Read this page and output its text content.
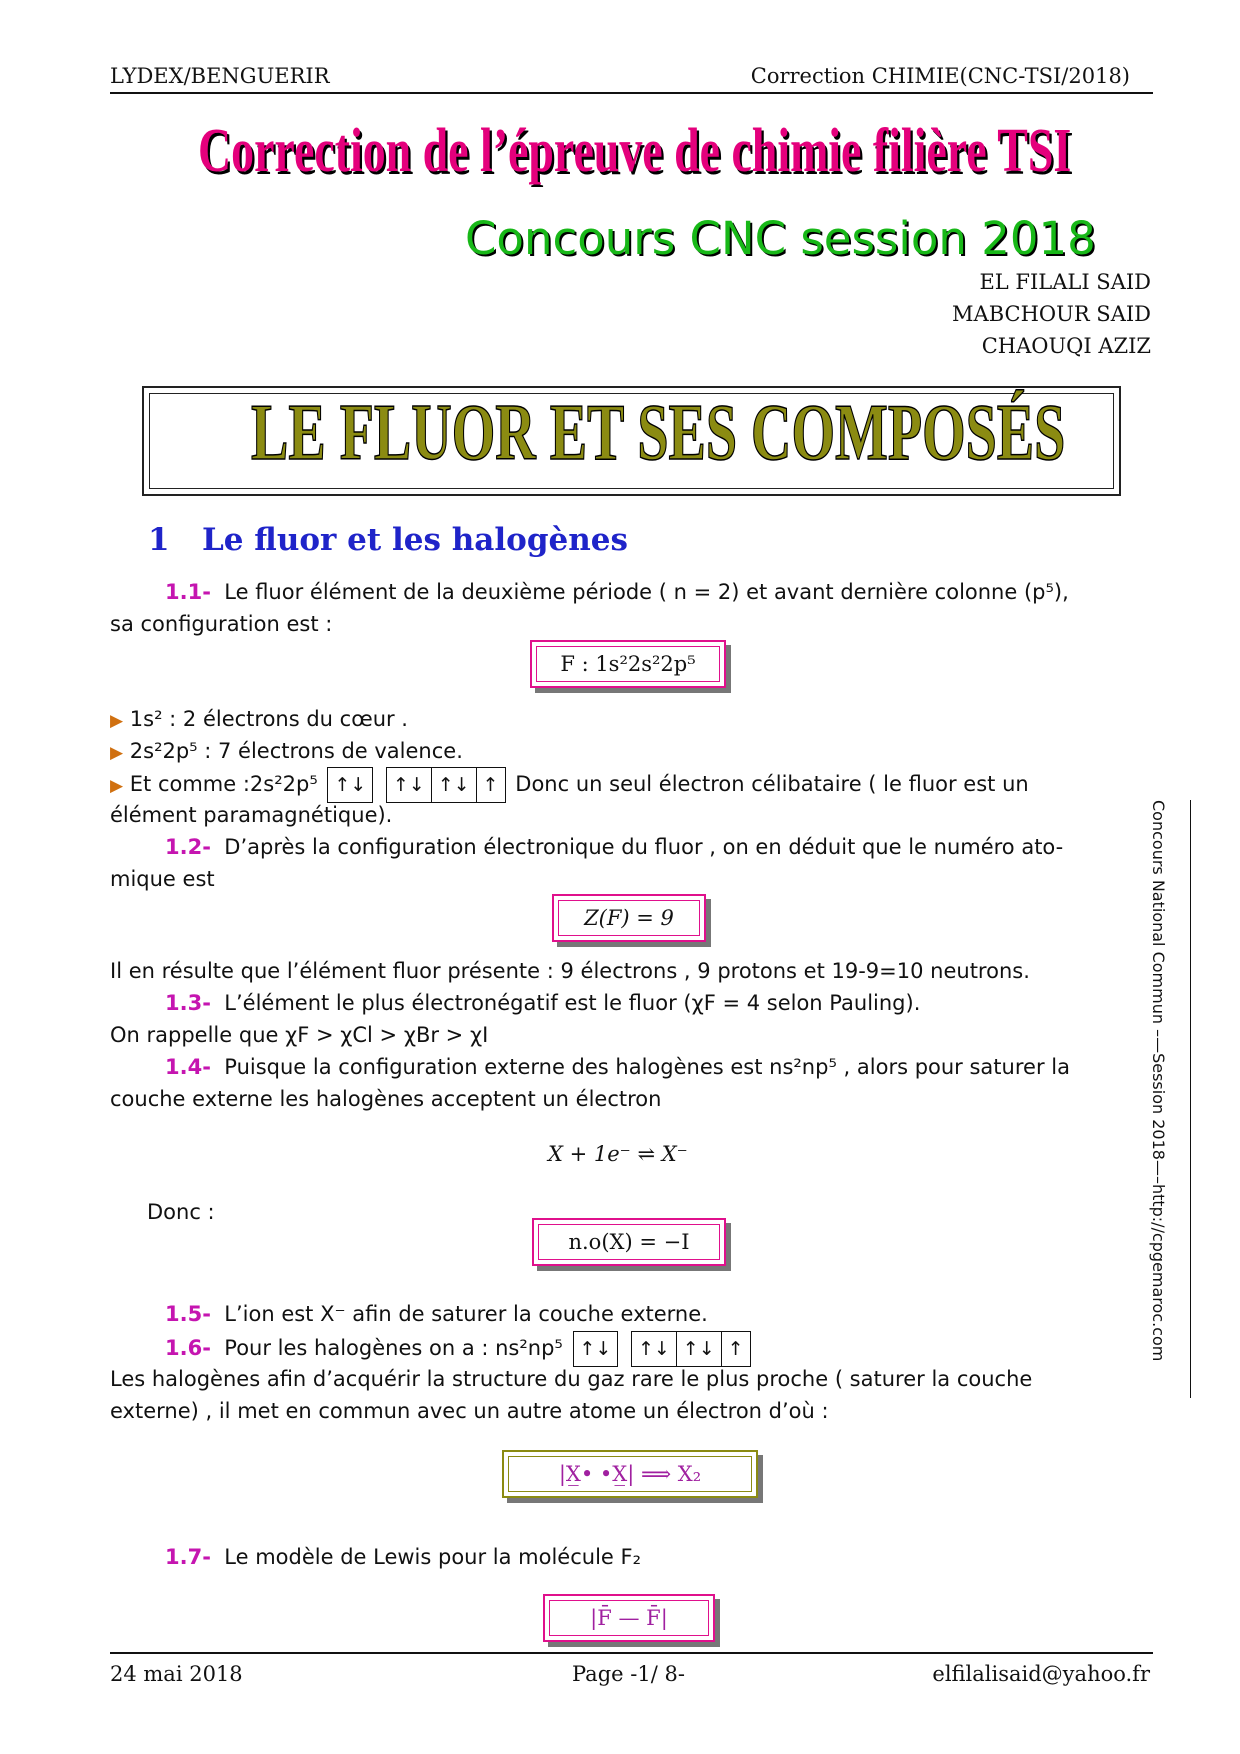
LYDEX/BENGUERIR	Correction CHIMIE(CNC-TSI/2018)
Correction de l’épreuve de chimie filière TSI
Concours CNC session 2018
EL FILALI SAID
MABCHOUR SAID
CHAOUQI AZIZ
LE FLUOR ET SES COMPOSÉS
1 Le fluor et les halogènes
1.1- Le fluor élément de la deuxième période ( n = 2) et avant dernière colonne (p⁵),
sa configuration est :
F : 1s²2s²2p⁵
▶ 1s² : 2 électrons du cœur .
▶ 2s²2p⁵ : 7 électrons de valence.
▶ Et comme :2s²2p⁵ ↑↓
	↑↓ ↑↓ ↑ Donc un seul électron célibataire ( le fluor est un
élément paramagnétique).
1.2- D’après la configuration électronique du fluor , on en déduit que le numéro ato-
mique est
Z(F) = 9
Il en résulte que l’élément fluor présente : 9 électrons , 9 protons et 19-9=10 neutrons.
1.3- L’élément le plus électronégatif est le fluor (χF = 4 selon Pauling).
On rappelle que χF > χCl > χBr > χI
1.4- Puisque la configuration externe des halogènes est ns²np⁵ , alors pour saturer la
couche externe les halogènes acceptent un électron
X + 1e⁻ ⇌ X⁻
Donc :
n.o(X) = −I
1.5- L’ion est X⁻ afin de saturer la couche externe.
1.6- Pour les halogènes on a : ns²np⁵ ↑↓
	↑↓ ↑↓ ↑
Les halogènes afin d’acquérir la structure du gaz rare le plus proche ( saturer la couche
externe) , il met en commun avec un autre atome un électron d’où :
|X̲• •X̲| ⟹ X₂
1.7- Le modèle de Lewis pour la molécule F₂
|F̄ — F̄|
Concours National Commun –—Session 2018—–http://cpgemaroc.com
24 mai 2018	Page -1/ 8-	elfilalisaid@yahoo.fr
